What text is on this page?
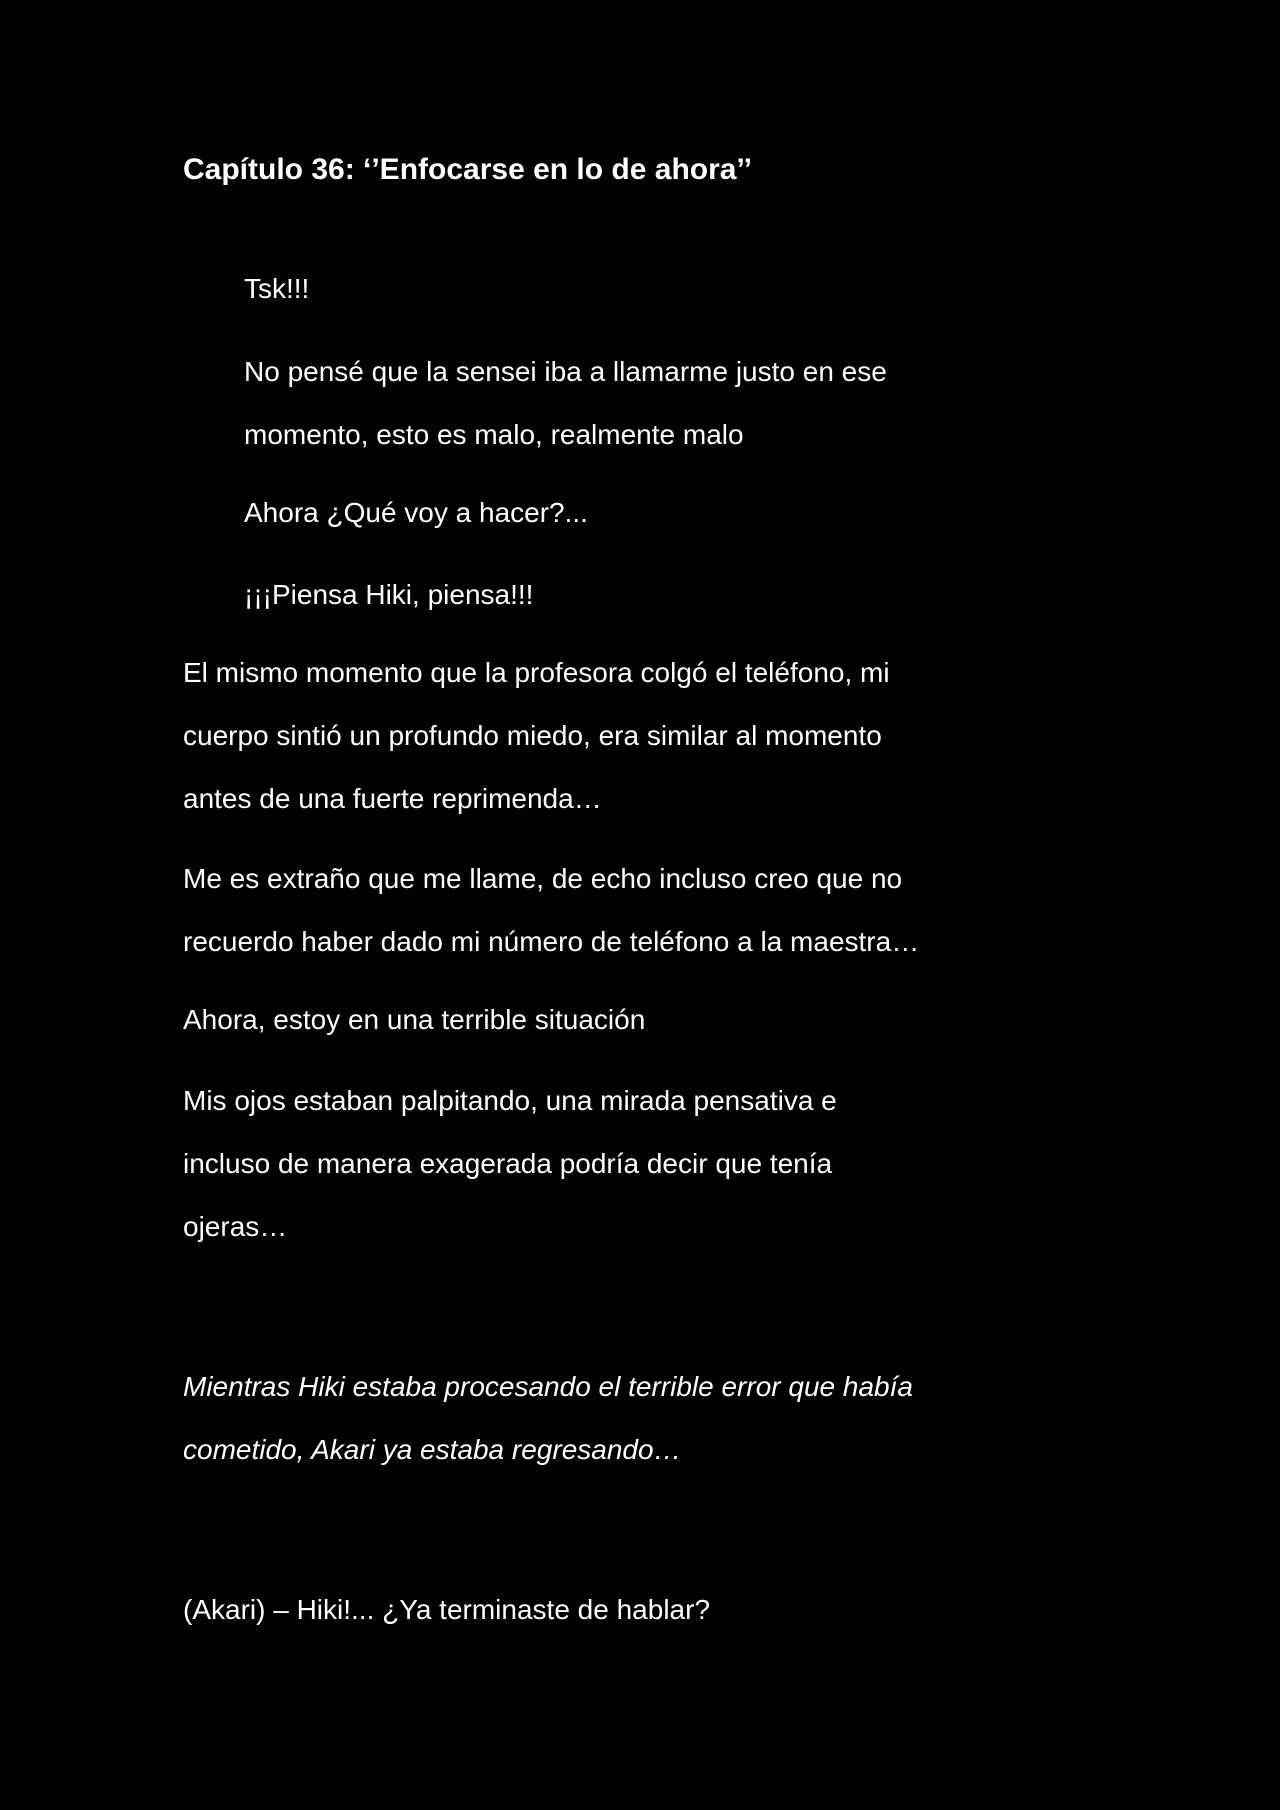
Capítulo 36: ‘’Enfocarse en lo de ahora’’
Tsk!!!
No pensé que la sensei iba a llamarme justo en ese
momento, esto es malo, realmente malo
Ahora ¿Qué voy a hacer?...
¡¡¡Piensa Hiki, piensa!!!
El mismo momento que la profesora colgó el teléfono, mi
cuerpo sintió un profundo miedo, era similar al momento
antes de una fuerte reprimenda…
Me es extraño que me llame, de echo incluso creo que no
recuerdo haber dado mi número de teléfono a la maestra…
Ahora, estoy en una terrible situación
Mis ojos estaban palpitando, una mirada pensativa e
incluso de manera exagerada podría decir que tenía
ojeras…
Mientras Hiki estaba procesando el terrible error que había
cometido, Akari ya estaba regresando…
(Akari) – Hiki!... ¿Ya terminaste de hablar?
